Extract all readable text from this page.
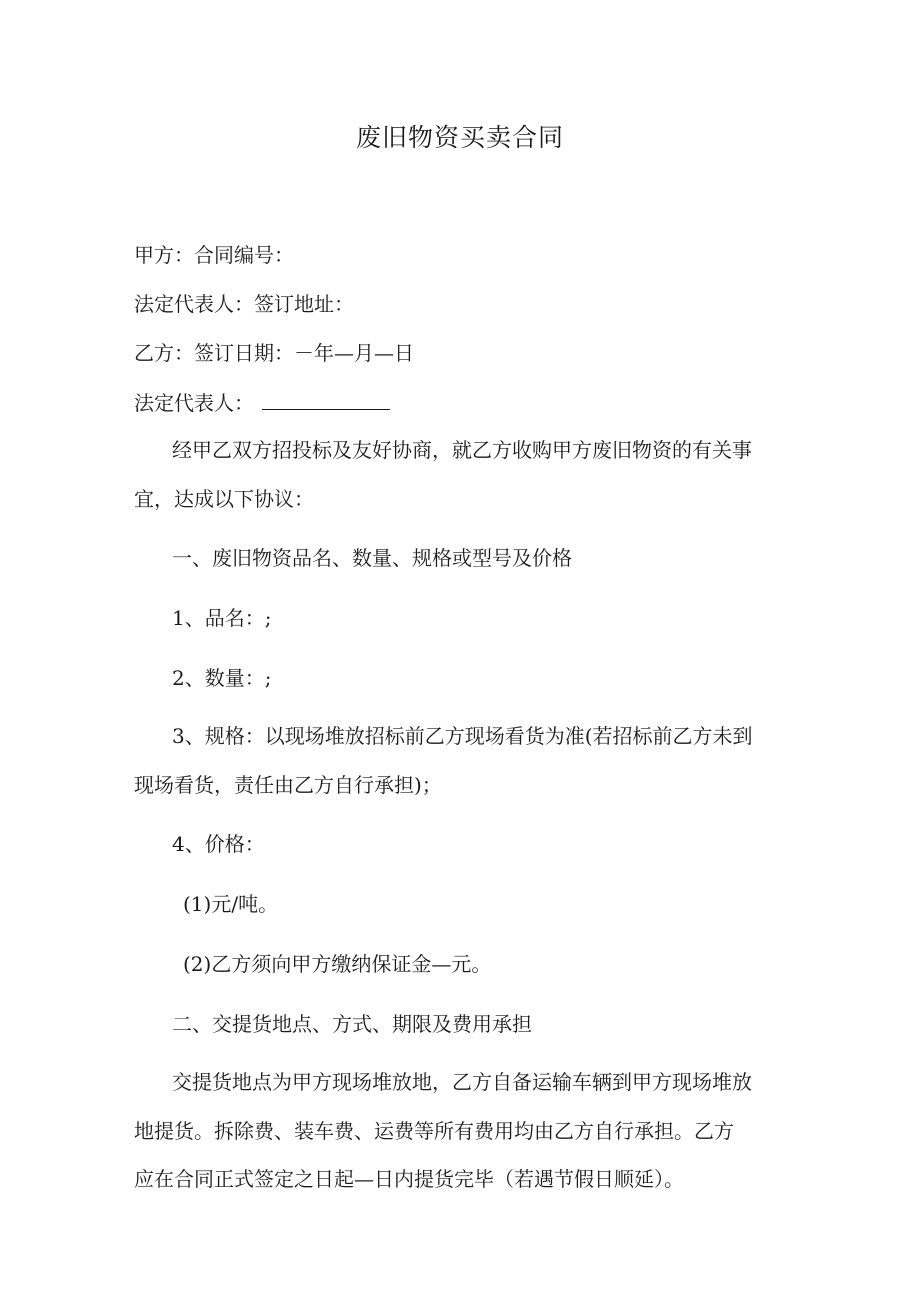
废旧物资买卖合同
甲方：合同编号：
法定代表人：签订地址：
乙方：签订日期：－年—月—日
法定代表人：
经甲乙双方招投标及友好协商，就乙方收购甲方废旧物资的有关事
宜，达成以下协议：
一、废旧物资品名、数量、规格或型号及价格
1、品名：;
2、数量：;
3、规格：以现场堆放招标前乙方现场看货为准(若招标前乙方未到
现场看货，责任由乙方自行承担)；
4、价格：
(1)元/吨。
(2)乙方须向甲方缴纳保证金—元。
二、交提货地点、方式、期限及费用承担
交提货地点为甲方现场堆放地，乙方自备运输车辆到甲方现场堆放
地提货。拆除费、装车费、运费等所有费用均由乙方自行承担。乙方
应在合同正式签定之日起—日内提货完毕（若遇节假日顺延）。
